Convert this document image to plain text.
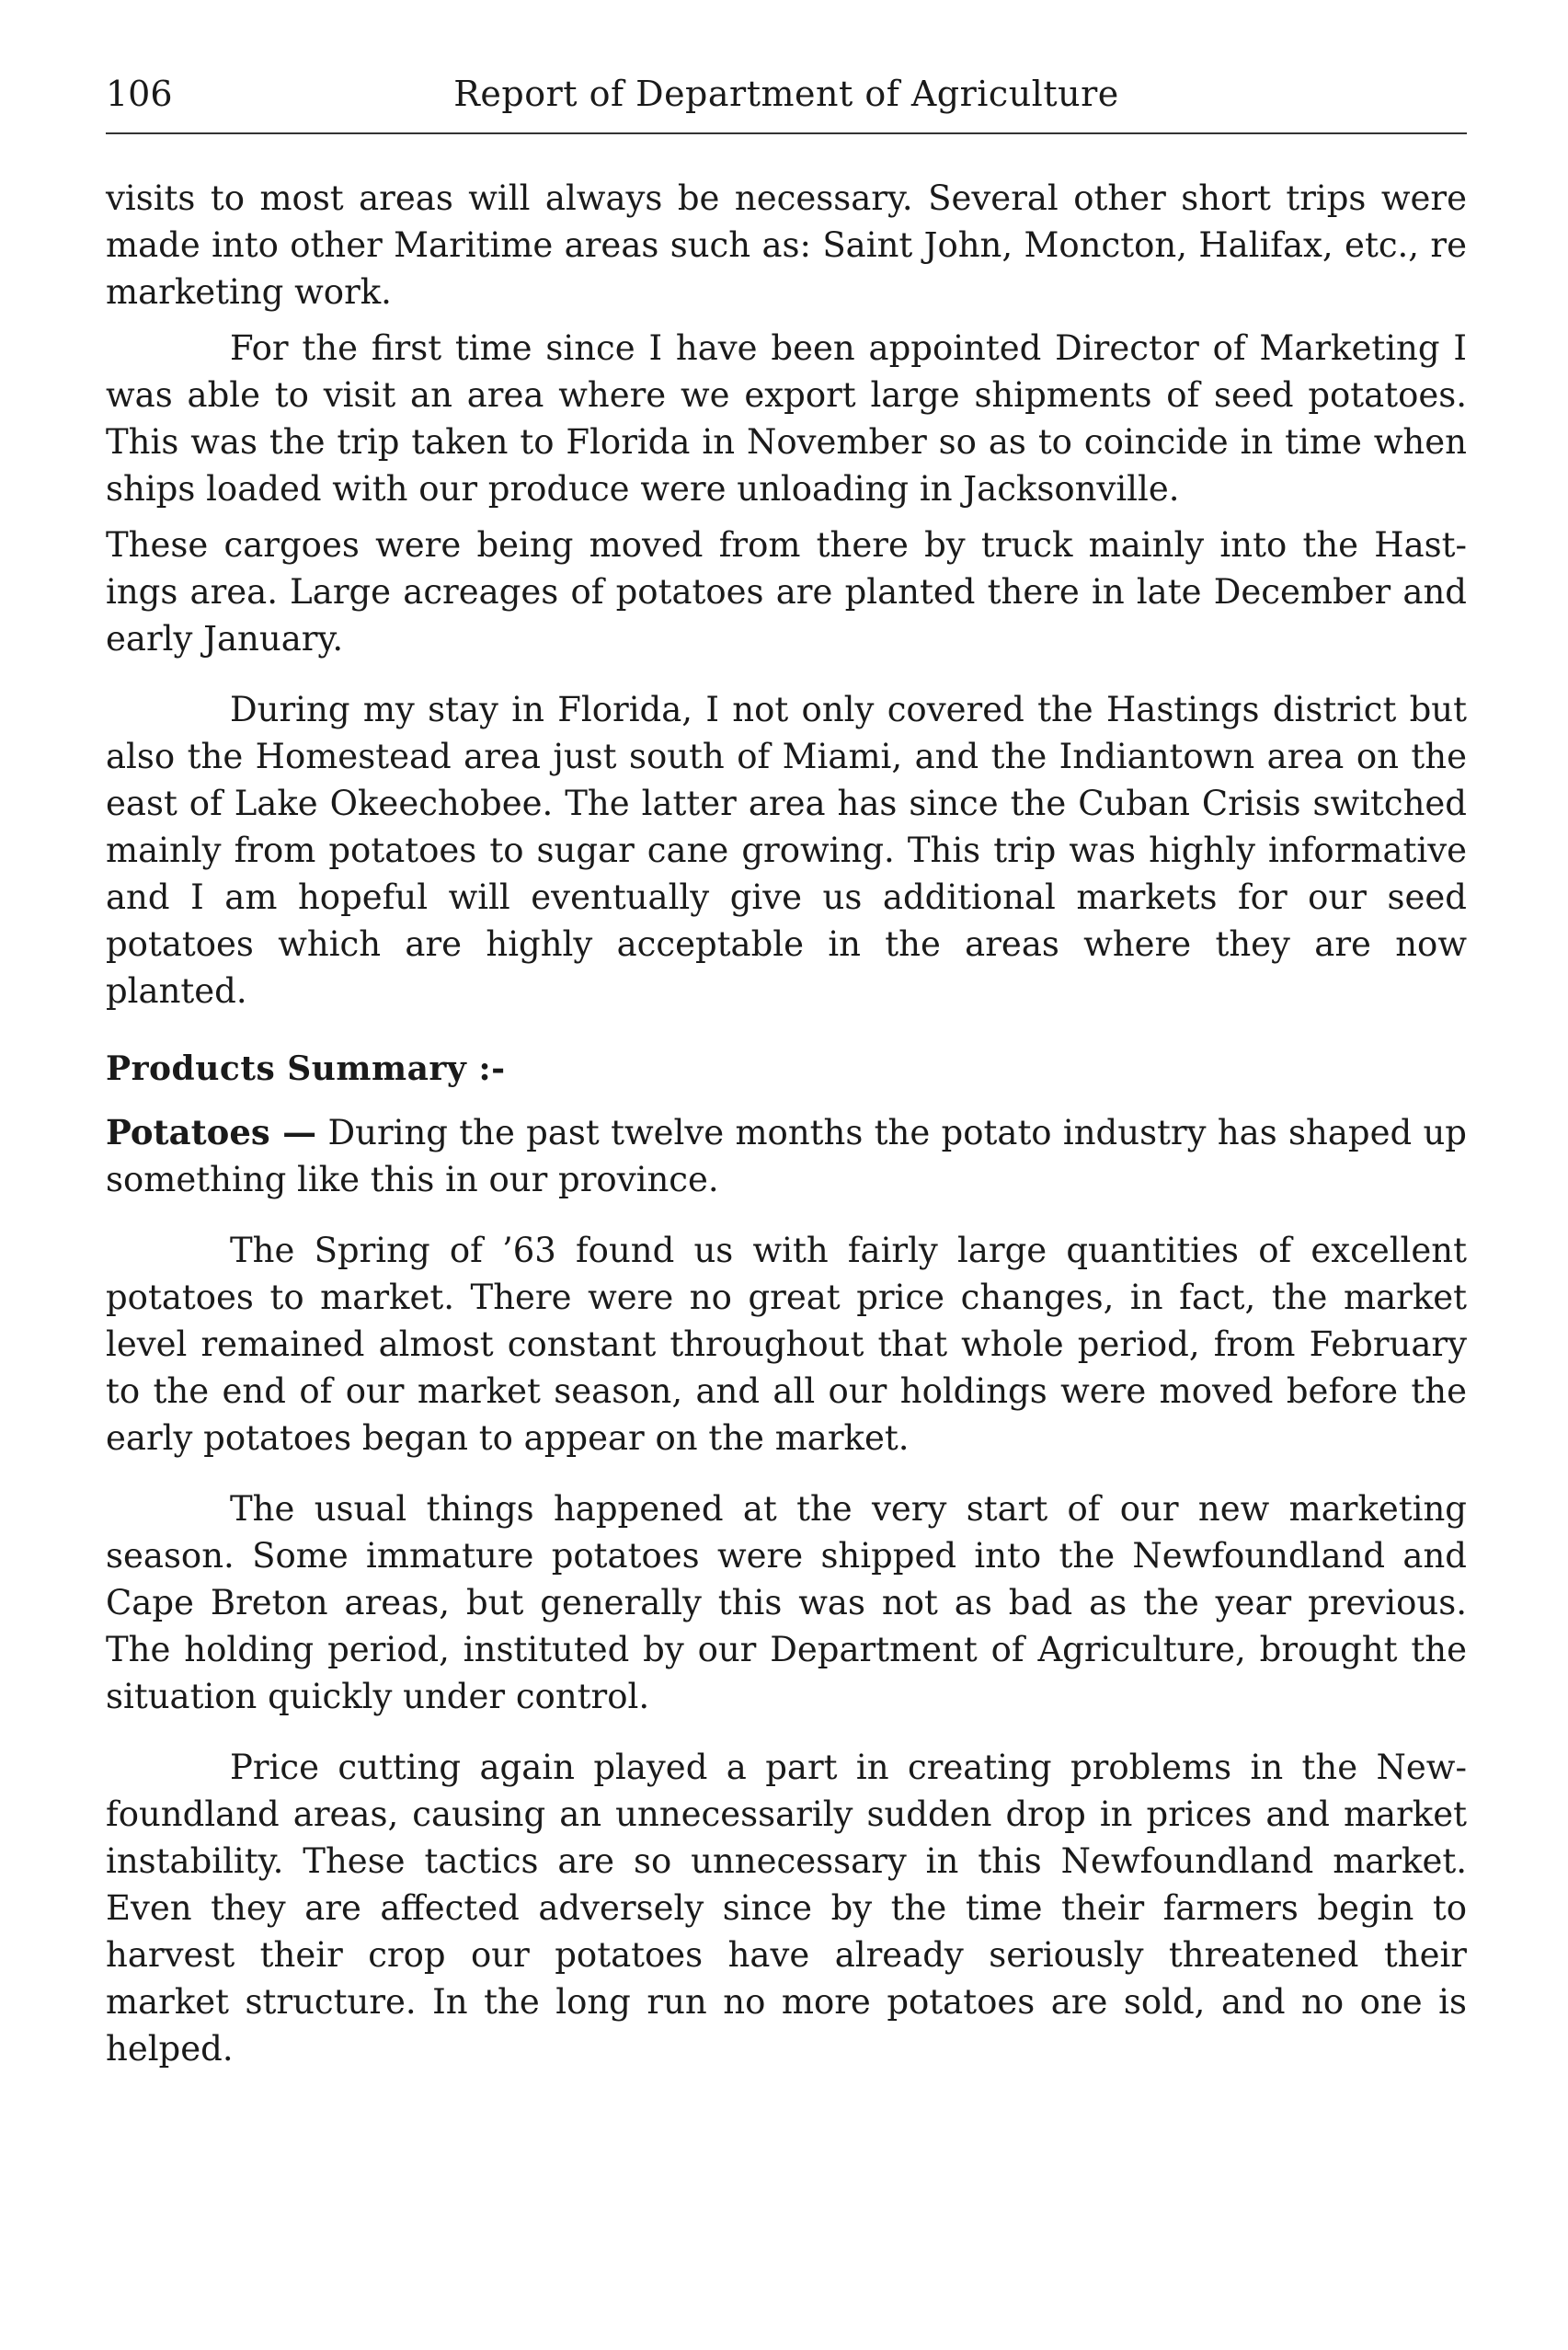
106	Report of Department of Agriculture

visits to most areas will always be necessary. Several other short trips were made into other Maritime areas such as: Saint John, Moncton, Halifax, etc., re marketing work.

For the first time since I have been appointed Director of Marketing I was able to visit an area where we export large shipments of seed potatoes. This was the trip taken to Florida in November so as to coincide in time when ships loaded with our produce were unloading in Jacksonville.

These cargoes were being moved from there by truck mainly into the Hastings area. Large acreages of potatoes are planted there in late December and early January.

During my stay in Florida, I not only covered the Hastings district but also the Homestead area just south of Miami, and the Indiantown area on the east of Lake Okeechobee. The latter area has since the Cuban Crisis switched mainly from potatoes to sugar cane growing. This trip was highly informative and I am hopeful will eventually give us additional markets for our seed potatoes which are highly acceptable in the areas where they are now planted.

Products Summary :-

Potatoes — During the past twelve months the potato industry has shaped up something like this in our province.

The Spring of ’63 found us with fairly large quantities of excellent potatoes to market. There were no great price changes, in fact, the market level remained almost constant throughout that whole period, from February to the end of our market season, and all our holdings were moved before the early potatoes began to appear on the market.

The usual things happened at the very start of our new marketing season. Some immature potatoes were shipped into the Newfoundland and Cape Breton areas, but generally this was not as bad as the year previous. The holding period, instituted by our Department of Agriculture, brought the situation quickly under control.

Price cutting again played a part in creating problems in the Newfoundland areas, causing an unnecessarily sudden drop in prices and market instability. These tactics are so unnecessary in this Newfoundland market. Even they are affected adversely since by the time their farmers begin to harvest their crop our potatoes have already seriously threatened their market structure. In the long run no more potatoes are sold, and no one is helped.
